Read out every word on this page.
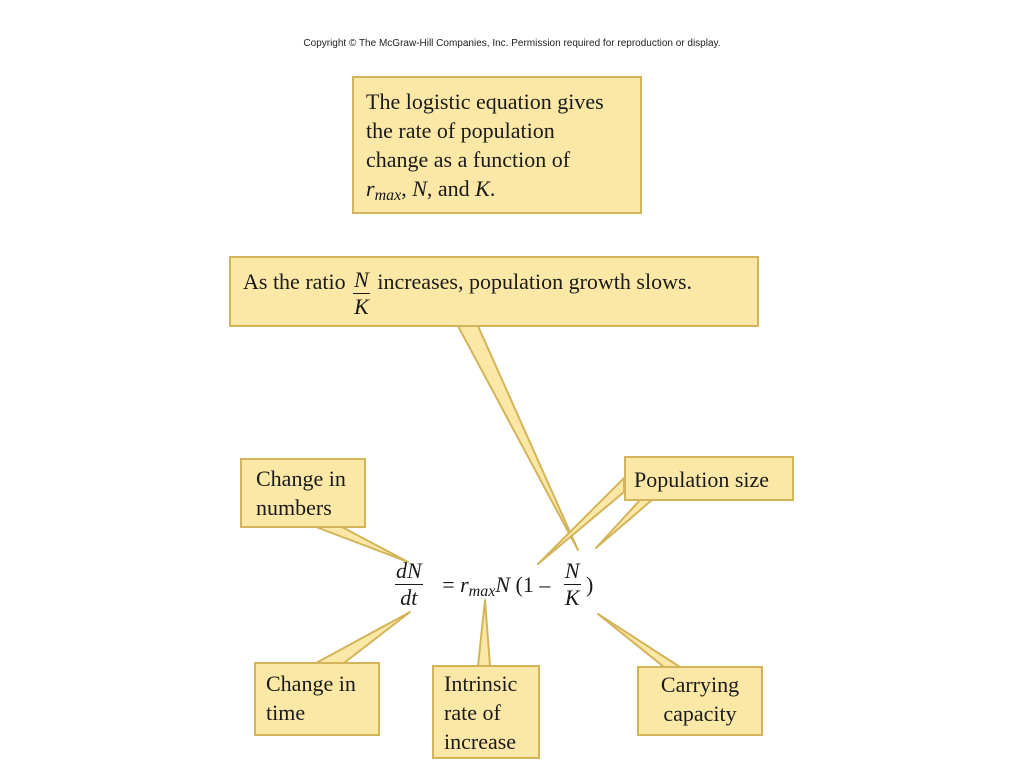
Copyright © The McGraw-Hill Companies, Inc. Permission required for reproduction or display.
The logistic equation gives
the rate of population
change as a function of
$r_{max}$, N, and K.
As the ratio $\frac{N}{K}$ increases, population growth slows.
Change in
numbers
Population size
Change in
time
Intrinsic
rate of
increase
Carrying
capacity
$\frac{dN}{dt} = r_{max}N$ ($1 - \frac{N}{K}$ )
